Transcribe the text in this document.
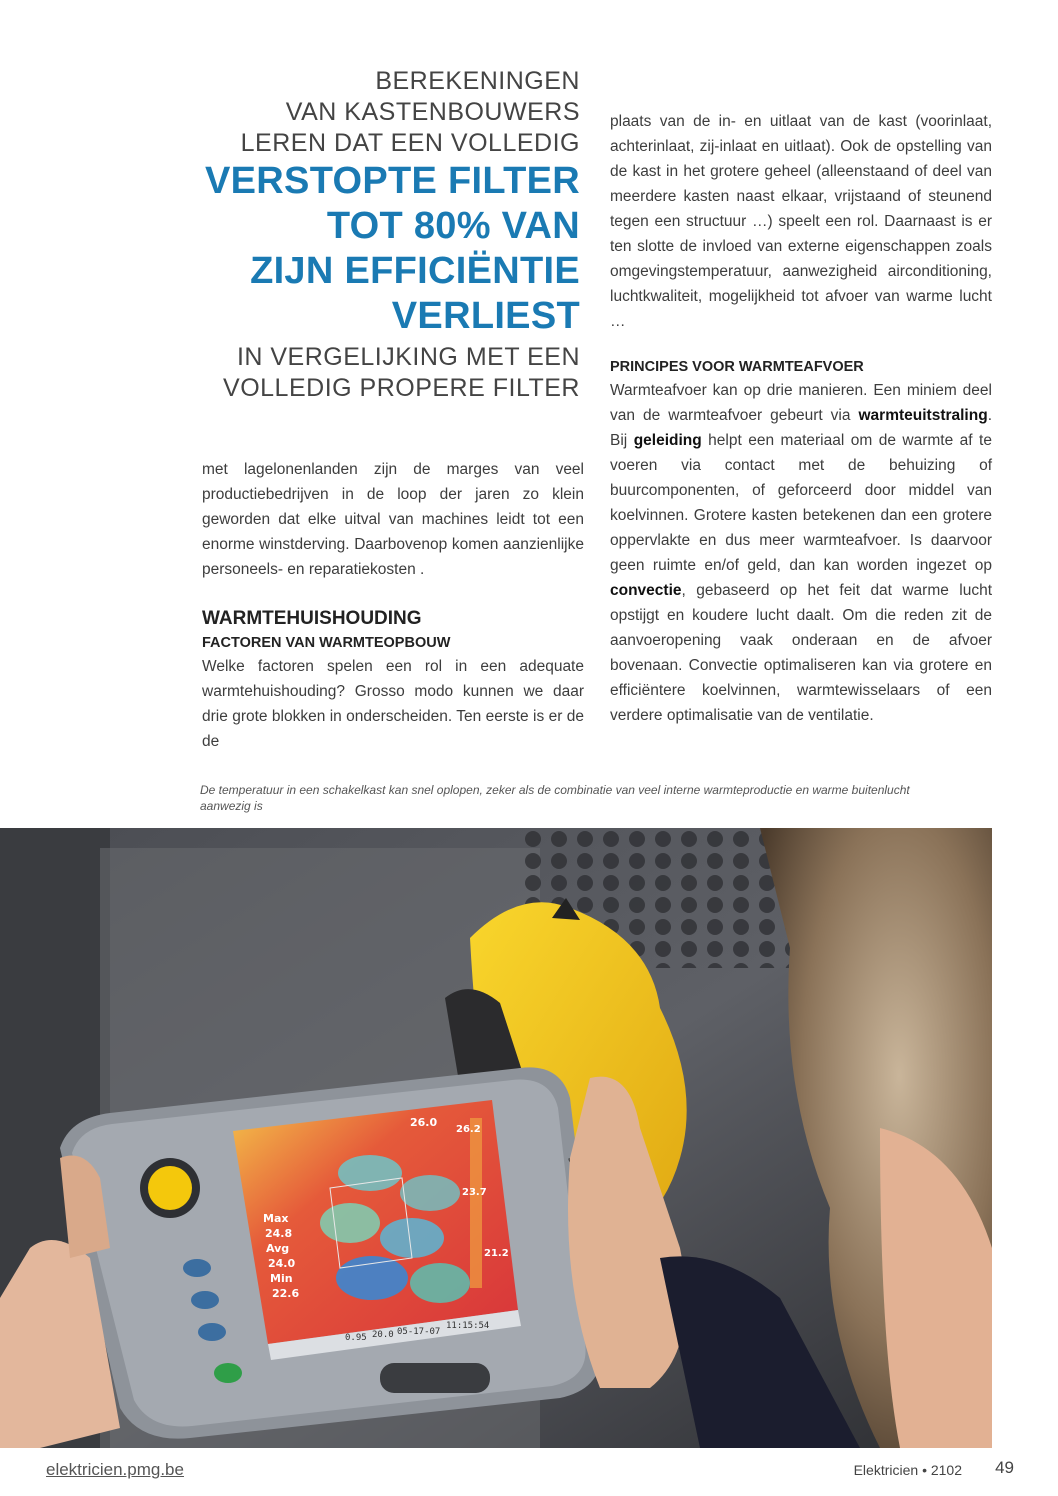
BEREKENINGEN
VAN KASTENBOUWERS
LEREN DAT EEN VOLLEDIG
VERSTOPTE FILTER
TOT 80% VAN
ZIJN EFFICIËNTIE
VERLIEST
IN VERGELIJKING MET EEN
VOLLEDIG PROPERE FILTER

met lagelonenlanden zijn de marges van veel productiebedrijven in de loop der jaren zo klein geworden dat elke uitval van machines leidt tot een enorme winstderving. Daarbovenop komen aanzienlijke personeels- en reparatiekosten .

WARMTEHUISHOUDING
FACTOREN VAN WARMTEOPBOUW

Welke factoren spelen een rol in een adequate warmtehuishouding? Grosso modo kunnen we daar drie grote blokken in onderscheiden. Ten eerste is er de de

plaats van de in- en uitlaat van de kast (voorinlaat, achterinlaat, zij-inlaat en uitlaat). Ook de opstelling van de kast in het grotere geheel (alleenstaand of deel van meerdere kasten naast elkaar, vrijstaand of steunend tegen een structuur …) speelt een rol. Daarnaast is er ten slotte de invloed van externe eigenschappen zoals omgevingstemperatuur, aanwezigheid airconditioning, luchtkwaliteit, mogelijkheid tot afvoer van warme lucht …

PRINCIPES VOOR WARMTEAFVOER

Warmteafvoer kan op drie manieren. Een miniem deel van de warmteafvoer gebeurt via warmteuitstraling. Bij geleiding helpt een materiaal om de warmte af te voeren via contact met de behuizing of buurcomponenten, of geforceerd door middel van koelvinnen. Grotere kasten betekenen dan een grotere oppervlakte en dus meer warmteafvoer. Is daarvoor geen ruimte en/of geld, dan kan worden ingezet op convectie, gebaseerd op het feit dat warme lucht opstijgt en koudere lucht daalt. Om die reden zit de aanvoeropening vaak onderaan en de afvoer bovenaan. Convectie optimaliseren kan via grotere en efficiëntere koelvinnen, warmtewisselaars of een verdere optimalisatie van de ventilatie.

De temperatuur in een schakelkast kan snel oplopen, zeker als de combinatie van veel interne warmteproductie en warme buitenlucht aanwezig is
26.0
26.2
23.7
21.2
Max
24.8
Avg
24.0
Min
22.6
0.95 20.0 05-17-07
11:15:54
elektricien.pmg.be	Elektricien • 2102 49
